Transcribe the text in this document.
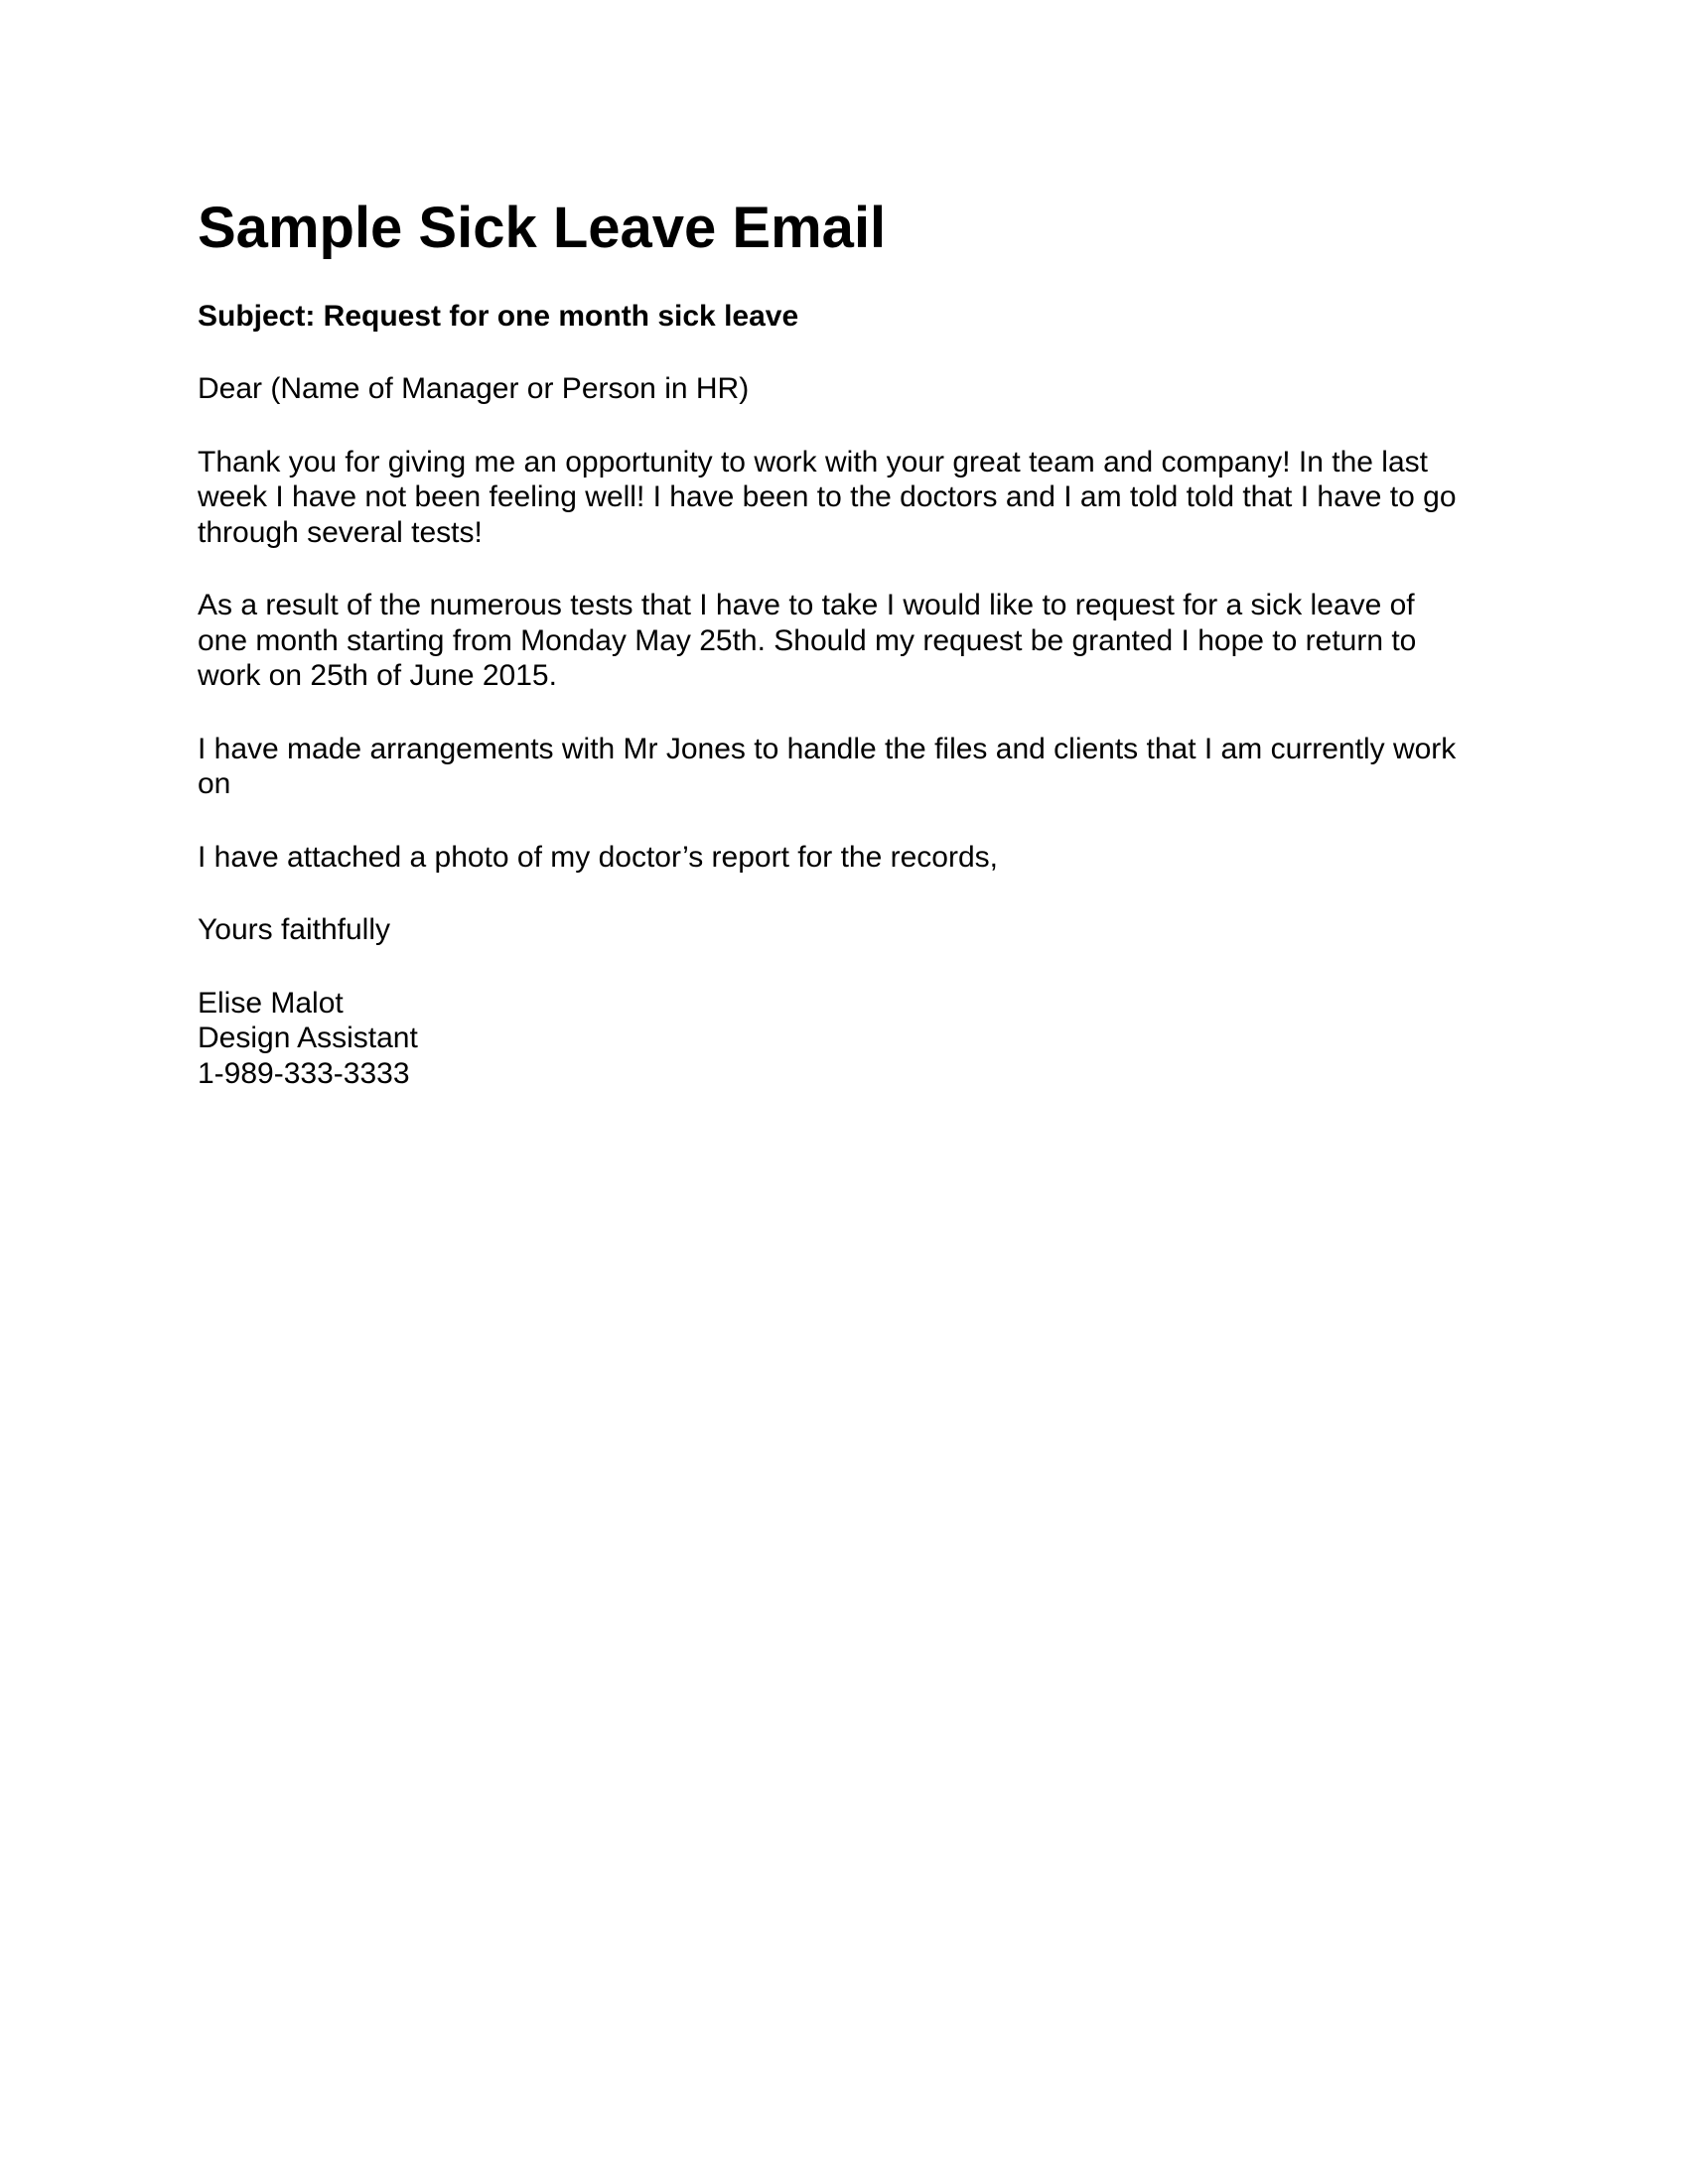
Sample Sick Leave Email

Subject: Request for one month sick leave

Dear (Name of Manager or Person in HR)

Thank you for giving me an opportunity to work with your great team and company! In the last
week I have not been feeling well! I have been to the doctors and I am told told that I have to go
through several tests!

As a result of the numerous tests that I have to take I would like to request for a sick leave of
one month starting from Monday May 25th. Should my request be granted I hope to return to
work on 25th of June 2015.

I have made arrangements with Mr Jones to handle the files and clients that I am currently work
on

I have attached a photo of my doctor’s report for the records,

Yours faithfully

Elise Malot
Design Assistant
1-989-333-3333
